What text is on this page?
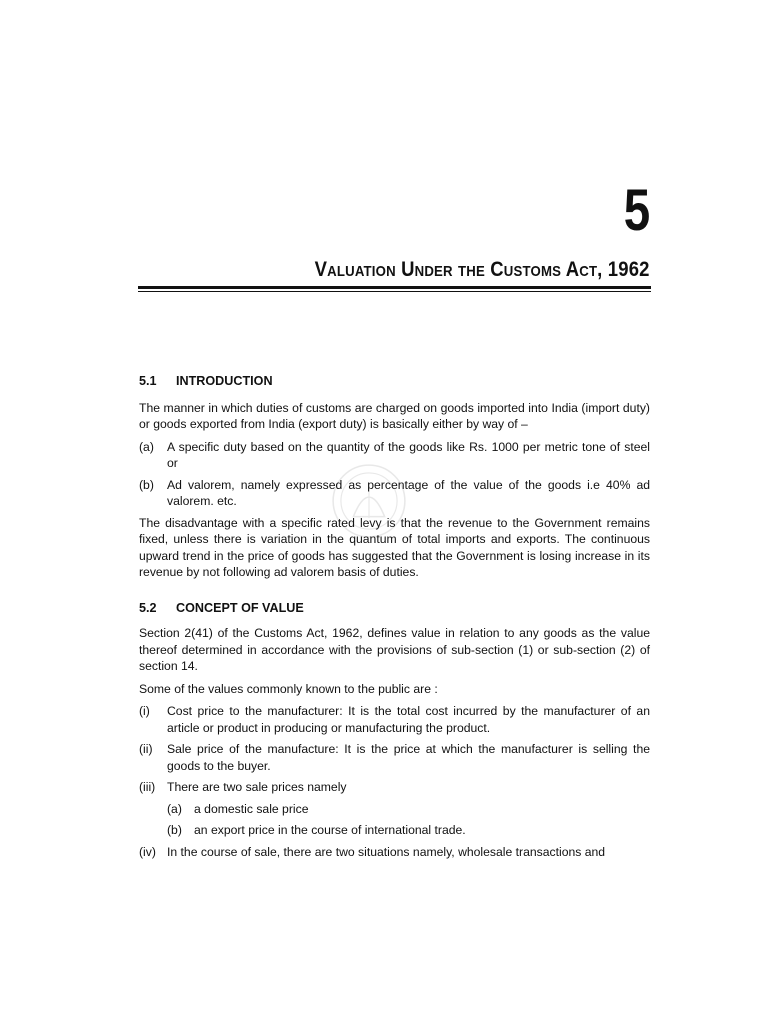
5
Valuation Under the Customs Act, 1962
5.1	INTRODUCTION

The manner in which duties of customs are charged on goods imported into India (import duty) or goods exported from India (export duty) is basically either by way of –

(a)	A specific duty based on the quantity of the goods like Rs. 1000 per metric tone of steel or
(b)	Ad valorem, namely expressed as percentage of the value of the goods i.e 40% ad valorem. etc.

The disadvantage with a specific rated levy is that the revenue to the Government remains fixed, unless there is variation in the quantum of total imports and exports. The continuous upward trend in the price of goods has suggested that the Government is losing increase in its revenue by not following ad valorem basis of duties.

5.2	CONCEPT OF VALUE

Section 2(41) of the Customs Act, 1962, defines value in relation to any goods as the value thereof determined in accordance with the provisions of sub-section (1) or sub-section (2) of section 14.

Some of the values commonly known to the public are :

(i)	Cost price to the manufacturer: It is the total cost incurred by the manufacturer of an article or product in producing or manufacturing the product.
(ii)	Sale price of the manufacture: It is the price at which the manufacturer is selling the goods to the buyer.
(iii) There are two sale prices namely
(a) a domestic sale price
(b) an export price in the course of international trade.
(iv) In the course of sale, there are two situations namely, wholesale transactions and
